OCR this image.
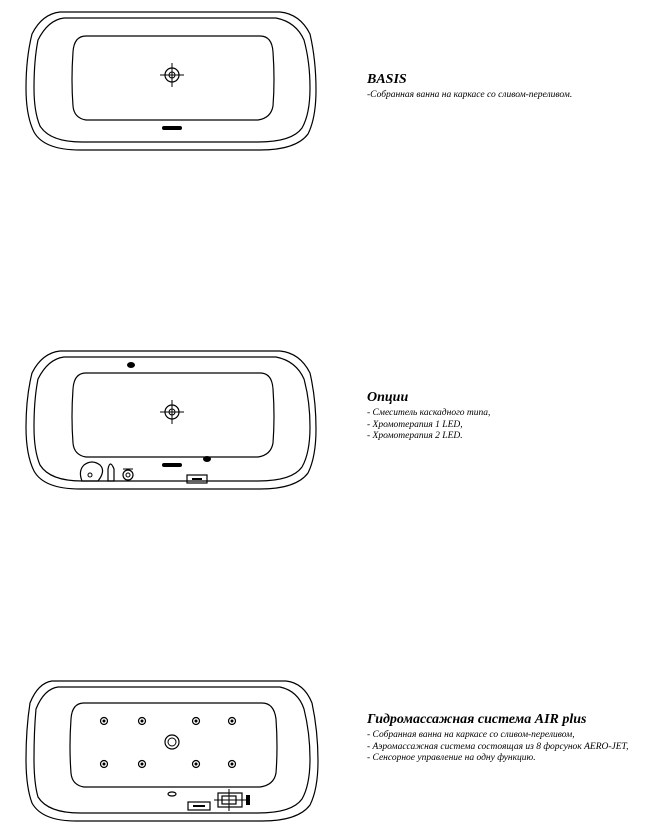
BASIS

-Собранная ванна на каркасе со сливом-переливом.

Опции

- Смеситель каскадного типа,

- Хромотерапия 1 LED,

- Хромотерапия 2 LED.

Гидромассажная система AIR plus

- Собранная ванна на каркасе со сливом-переливом,

- Аэромассажная система состоящая из 8 форсунок AERO-JET,

- Сенсорное управление на одну функцию.
